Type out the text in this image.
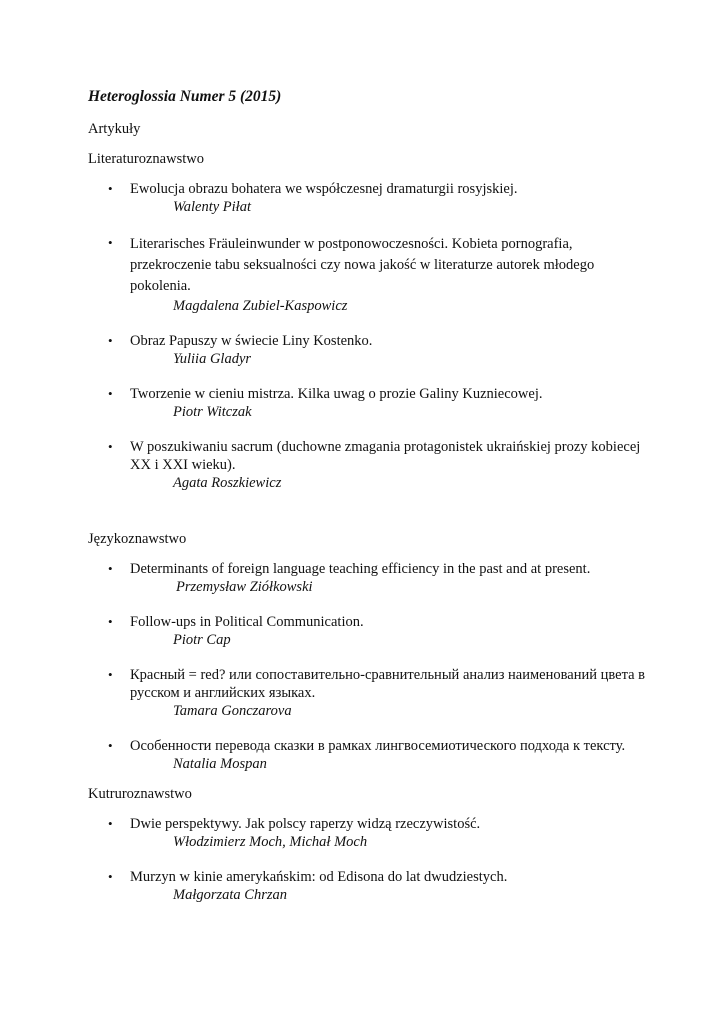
Heteroglossia Numer 5 (2015)
Artykuły
Literaturoznawstwo
• Ewolucja obrazu bohatera we współczesnej dramaturgii rosyjskiej.
Walenty Piłat
• Literarisches Fräuleinwunder w postponowoczesności. Kobieta pornografia, przekroczenie tabu seksualności czy nowa jakość w literaturze autorek młodego pokolenia.
Magdalena Zubiel-Kaspowicz
• Obraz Papuszy w świecie Liny Kostenko.
Yuliia Gladyr
• Tworzenie w cieniu mistrza. Kilka uwag o prozie Galiny Kuzniecowej.
Piotr Witczak
• W poszukiwaniu sacrum (duchowne zmagania protagonistek ukraińskiej prozy kobiecej XX i XXI wieku).
Agata Roszkiewicz
Językoznawstwo
• Determinants of foreign language teaching efficiency in the past and at present.
Przemysław Ziółkowski
• Follow-ups in Political Communication.
Piotr Cap
• Красный = red? или сопоставительно-сравнительный анализ наименований цвета в русском и английских языках.
Tamara Gonczarova
• Особенности перевода сказки в рамках лингвосемиотического подхода к тексту.
Natalia Mospan
Kutruroznawstwo
• Dwie perspektywy. Jak polscy raperzy widzą rzeczywistość.
Włodzimierz Moch, Michał Moch
• Murzyn w kinie amerykańskim: od Edisona do lat dwudziestych.
Małgorzata Chrzan
